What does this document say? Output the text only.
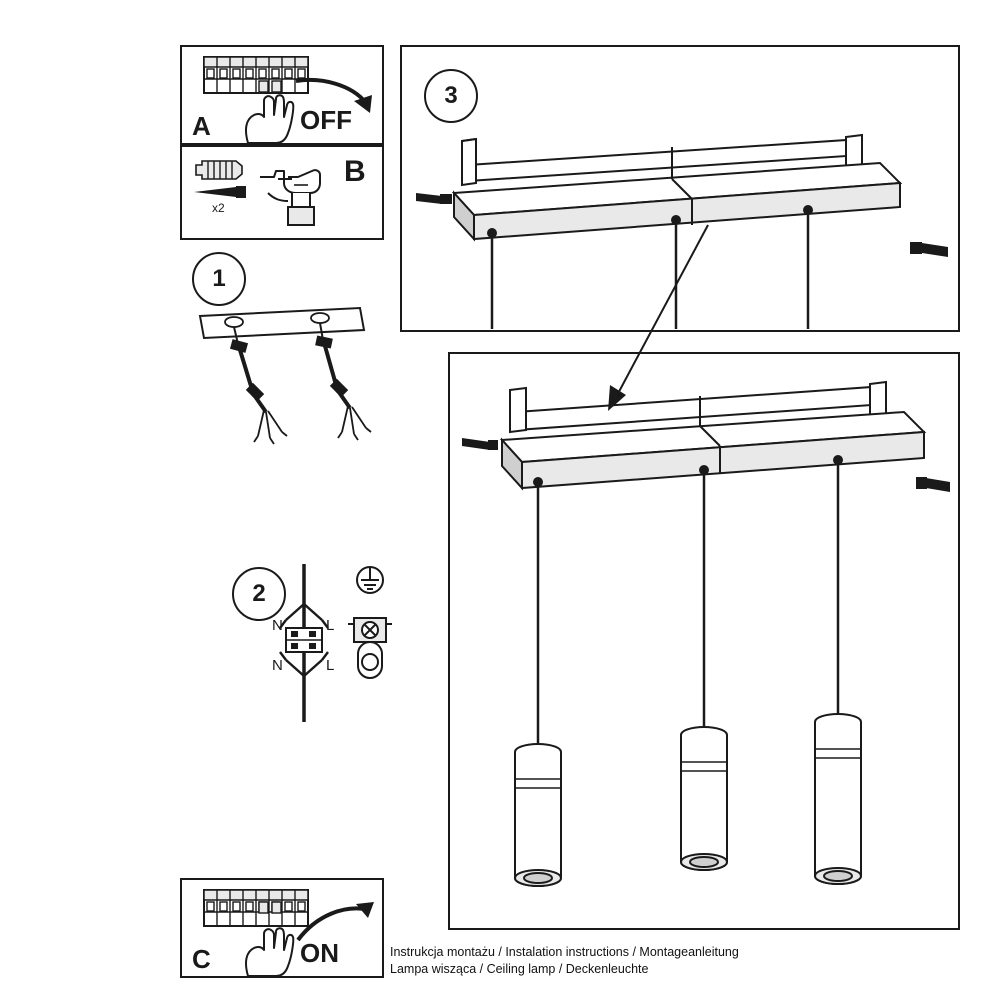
A	OFF
x2
B
1
2
N	L
N	L
C	ON
3
Instrukcja montażu / Instalation instructions / Montageanleitung
Lampa wisząca / Ceiling lamp / Deckenleuchte
